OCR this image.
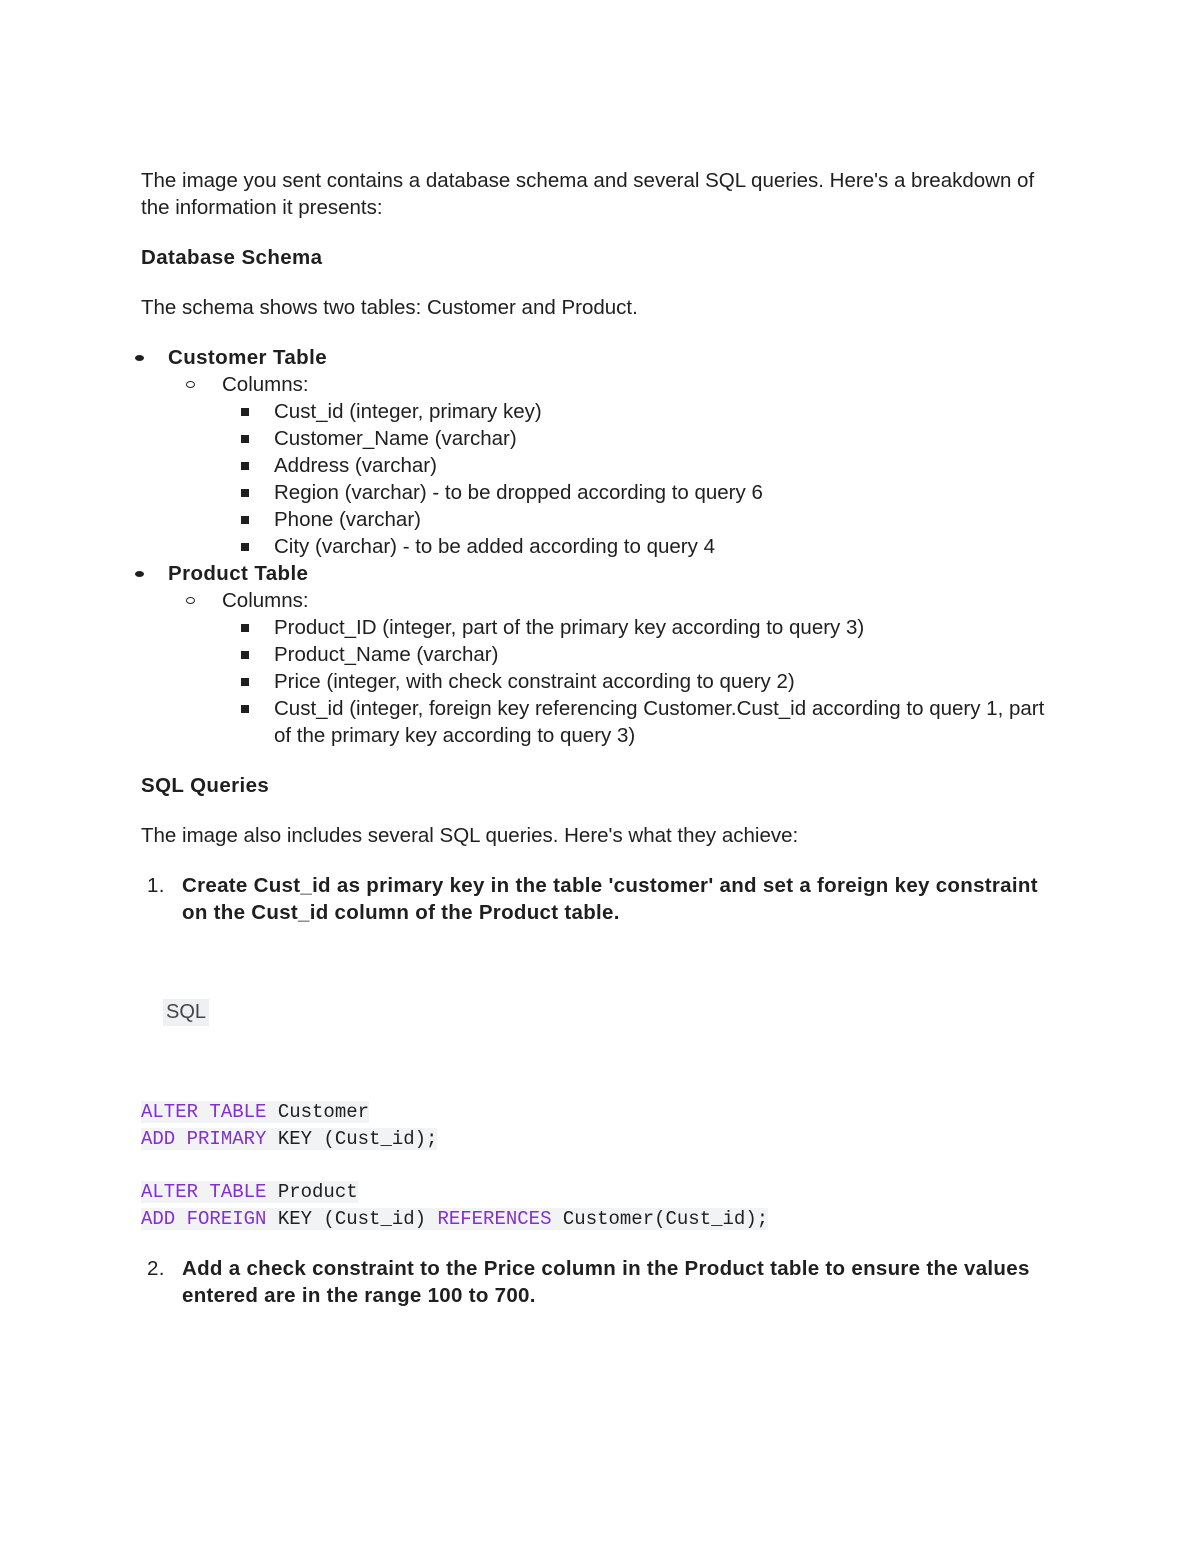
The image you sent contains a database schema and several SQL queries. Here's a breakdown of the information it presents:

Database Schema

The schema shows two tables: Customer and Product.

Customer Table
Columns:
Cust_id (integer, primary key)
Customer_Name (varchar)
Address (varchar)
Region (varchar) - to be dropped according to query 6
Phone (varchar)
City (varchar) - to be added according to query 4
Product Table
Columns:
Product_ID (integer, part of the primary key according to query 3)
Product_Name (varchar)
Price (integer, with check constraint according to query 2)
Cust_id (integer, foreign key referencing Customer.Cust_id according to query 1, part of the primary key according to query 3)

SQL Queries

The image also includes several SQL queries. Here's what they achieve:

1. Create Cust_id as primary key in the table 'customer' and set a foreign key constraint on the Cust_id column of the Product table.
SQL
ALTER TABLE Customer
ADD PRIMARY KEY (Cust_id);
ALTER TABLE Product
ADD FOREIGN KEY (Cust_id) REFERENCES Customer(Cust_id);
2. Add a check constraint to the Price column in the Product table to ensure the values entered are in the range 100 to 700.
